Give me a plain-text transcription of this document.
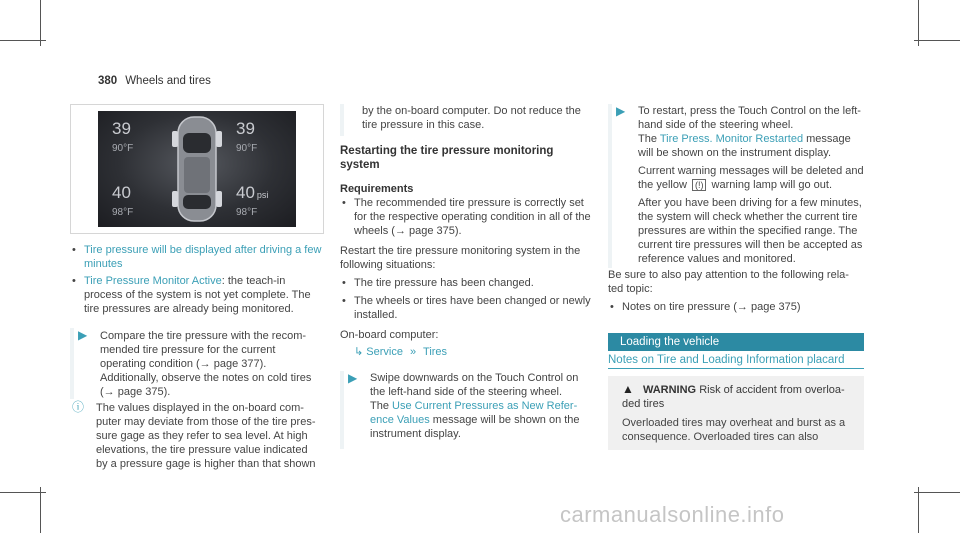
380 Wheels and tires
39
90°F
39
90°F
40
98°F
40 psi
98°F

• Tire pressure will be displayed after driving a few minutes

• Tire Pressure Monitor Active: the teach-in process of the system is not yet complete. The tire pressures are already being monitored.

▶ Compare the tire pressure with the recom-mended tire pressure for the current operating condition (→ page 377). Additionally, observe the notes on cold tires (→ page 375).
ⓘ The values displayed in the on-board com-puter may deviate from those of the tire pres-sure gage as they refer to sea level. At high elevations, the tire pressure value indicated by a pressure gage is higher than that shown
by the on-board computer. Do not reduce the tire pressure in this case.
Restarting the tire pressure monitoring system
Requirements

• The recommended tire pressure is correctly set for the respective operating condition in all of the wheels (→ page 375).

Restart the tire pressure monitoring system in the following situations:

• The tire pressure has been changed.

• The wheels or tires have been changed or newly installed.

On-board computer:
↳ Service » Tires
▶ Swipe downwards on the Touch Control on the left-hand side of the steering wheel.
The Use Current Pressures as New Refer-ence Values message will be shown on the instrument display.
▶ To restart, press the Touch Control on the left-hand side of the steering wheel.
The Tire Press. Monitor Restarted message will be shown on the instrument display.
Current warning messages will be deleted and the yellow (!) warning lamp will go out.
After you have been driving for a few minutes, the system will check whether the current tire pressures are within the specified range. The current tire pressures will then be accepted as reference values and monitored.
Be sure to also pay attention to the following rela-ted topic:

• Notes on tire pressure (→ page 375)

Loading the vehicle
Notes on Tire and Loading Information placard
▲ WARNING Risk of accident from overloa-ded tires
Overloaded tires may overheat and burst as a consequence. Overloaded tires can also
carmanualsonline.info
